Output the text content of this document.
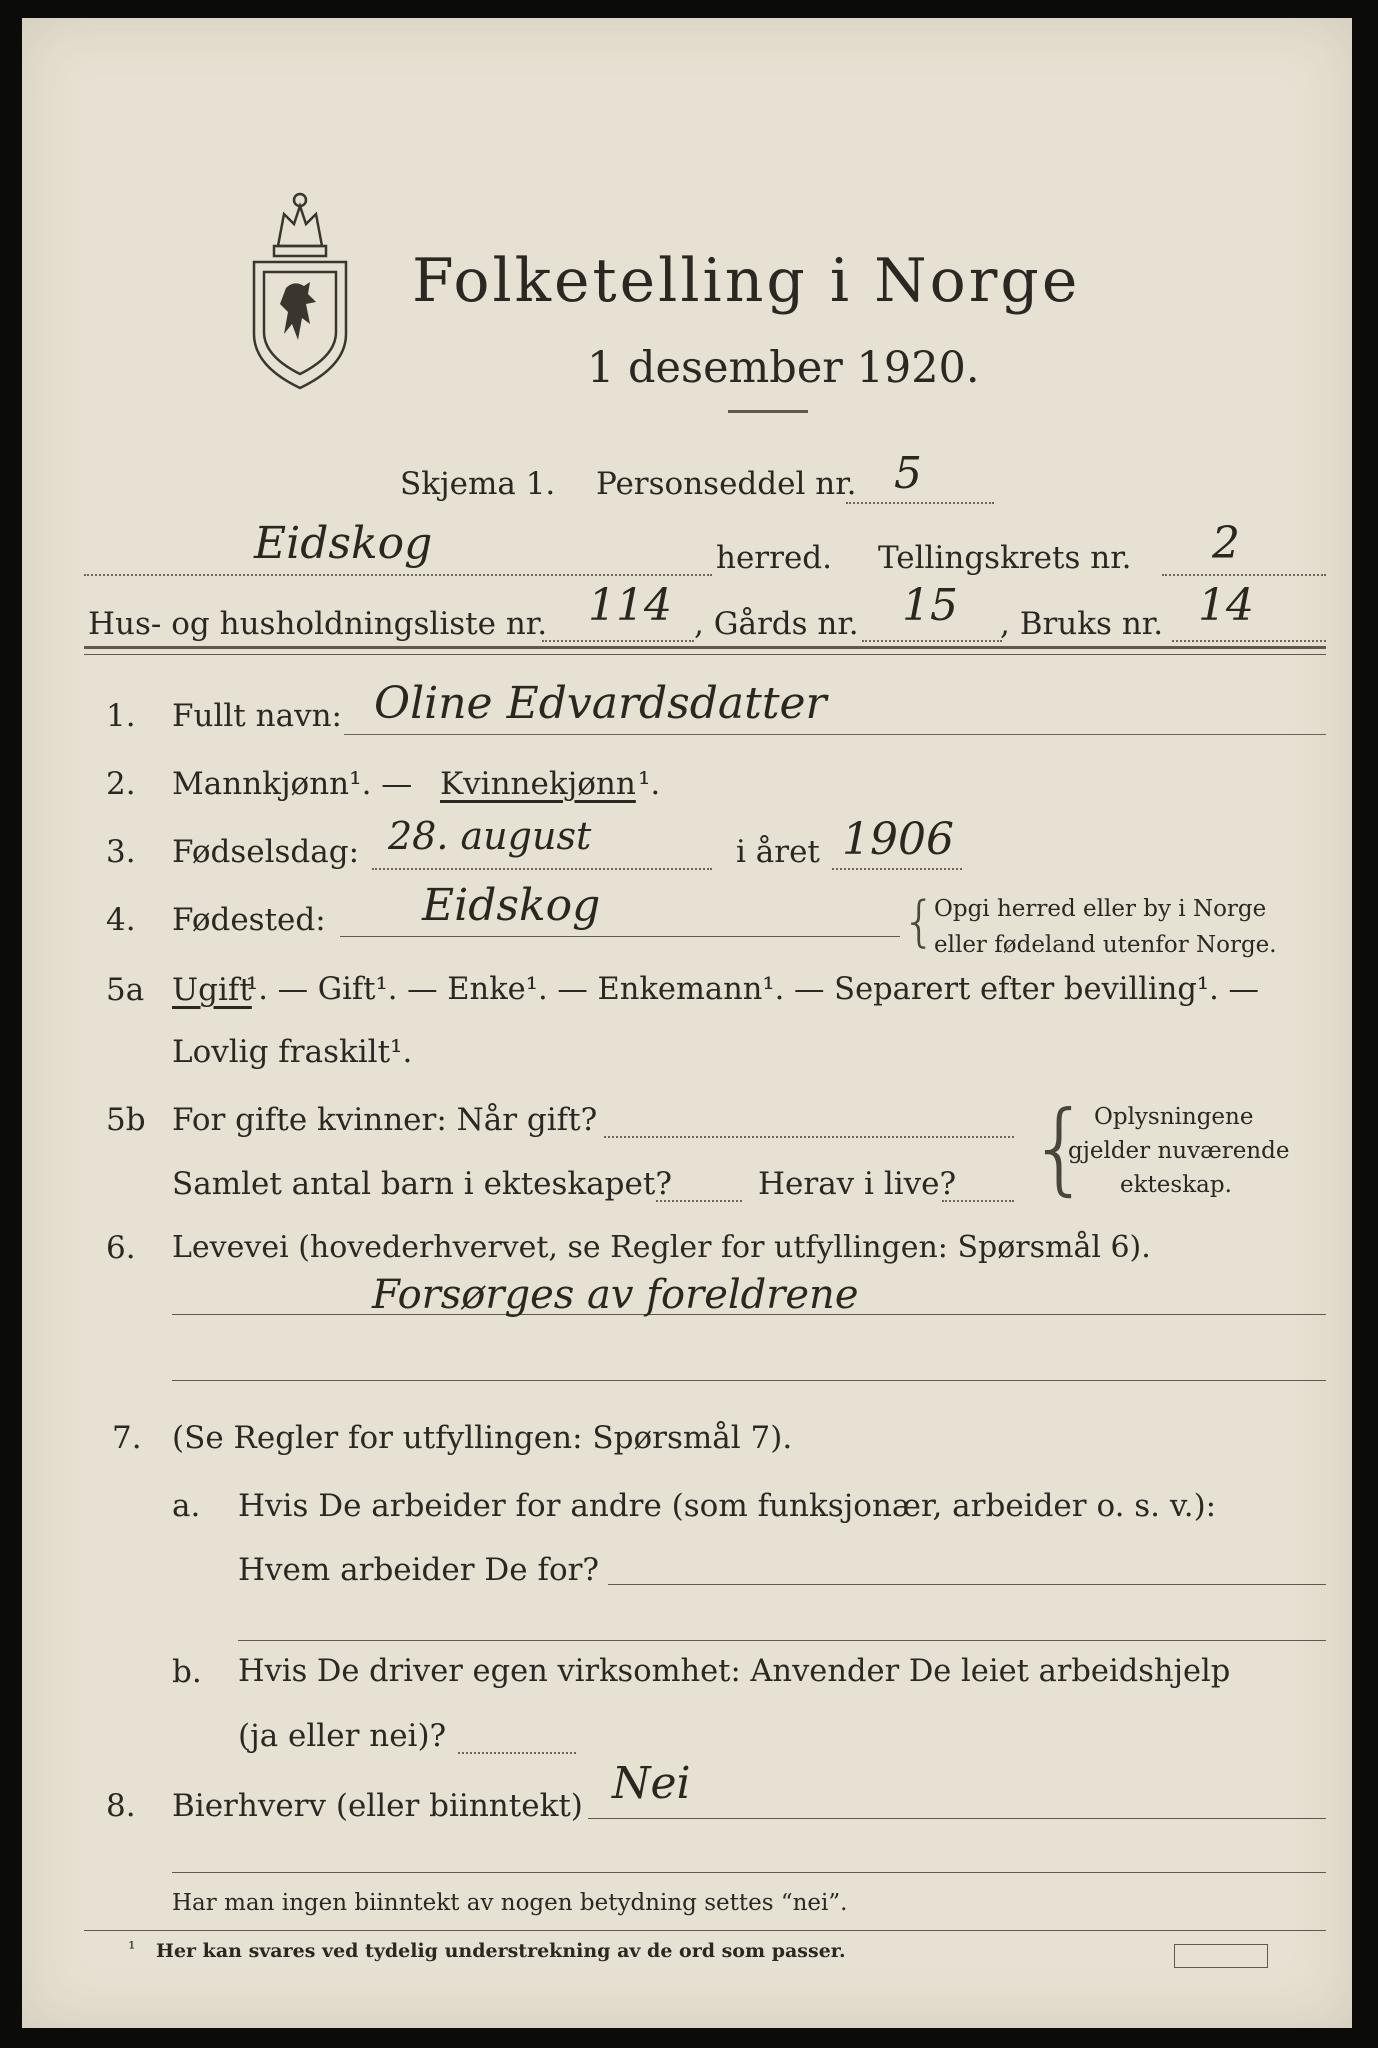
Folketelling i Norge
1 desember 1920.
Skjema 1. Personseddel nr. 5
Eidskog	herred. Tellingskrets nr. 2
Hus- og husholdningsliste nr. 114 , Gårds nr. 15 , Bruks nr. 14
1. Fullt navn: Oline Edvardsdatter
2. Mannkjønn¹. — Kvinnekjønn ¹.
3. Fødselsdag: 28. august	i året 1906
4. Fødested: Eidskog	{
Opgi herred eller by i Norge
eller fødeland utenfor Norge.
5a Ugift
¹. — Gift¹. — Enke¹. — Enkemann¹. — Separert efter bevilling¹. —
Lovlig fraskilt¹.
5b For gifte kvinner: Når gift?
Samlet antal barn i ekteskapet?	Herav i live? { Oplysningene
gjelder nuværende
ekteskap.
6. Levevei (hovederhvervet, se Regler for utfyllingen: Spørsmål 6).
Forsørges av foreldrene
7. (Se Regler for utfyllingen: Spørsmål 7).
a. Hvis De arbeider for andre (som funksjonær, arbeider o. s. v.):
Hvem arbeider De for?
b. Hvis De driver egen virksomhet: Anvender De leiet arbeidshjelp
(ja eller nei)?
8. Bierhverv (eller biinntekt) Nei
Har man ingen biinntekt av nogen betydning settes “nei”.
¹ Her kan svares ved tydelig understrekning av de ord som passer.
